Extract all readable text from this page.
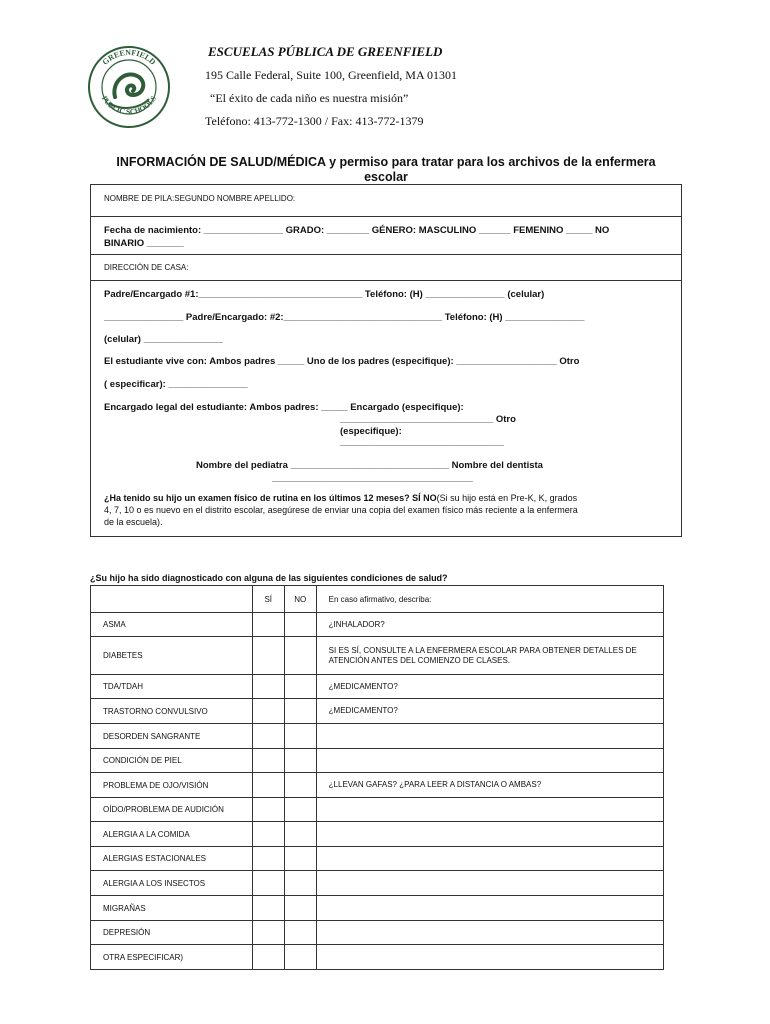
GREENFIELD
PUBLIC SCHOOLS
ESCUELAS PÚBLICA DE GREENFIELD
195 Calle Federal, Suite 100, Greenfield, MA 01301
“El éxito de cada niño es nuestra misión”
Teléfono: 413-772-1300 / Fax: 413-772-1379
INFORMACIÓN DE SALUD/MÉDICA y permiso para tratar para los archivos de la enfermera escolar
NOMBRE DE PILA:SEGUNDO NOMBRE APELLIDO:
Fecha de nacimiento: _______________ GRADO: ________ GÉNERO: MASCULINO ______ FEMENINO _____ NO
BINARIO _______
DIRECCIÓN DE CASA:
Padre/Encargado #1:_______________________________ Teléfono: (H) _______________ (celular)
_______________ Padre/Encargado: #2:______________________________ Teléfono: (H) _______________
(celular) _______________
El estudiante vive con: Ambos padres _____ Uno de los padres (especifique): ___________________ Otro
( especificar): _______________
Encargado legal del estudiante: Ambos padres: _____ Encargado (especifique):
_____________________________ Otro
(especifique):
_______________________________
Nombre del pediatra ______________________________ Nombre del dentista
______________________________________
¿Ha tenido su hijo un examen físico de rutina en los últimos 12 meses? SÍ NO(Si su hijo está en Pre-K, K, grados
4, 7, 10 o es nuevo en el distrito escolar, asegúrese de enviar una copia del examen físico más reciente a la enfermera
de la escuela).
¿Su hijo ha sido diagnosticado con alguna de las siguientes condiciones de salud?
	SÍ	NO	En caso afirmativo, describa:
ASMA			¿INHALADOR?
DIABETES			SI ES SÍ, CONSULTE A LA ENFERMERA ESCOLAR PARA OBTENER DETALLES DE ATENCIÓN ANTES DEL COMIENZO DE CLASES.
TDA/TDAH			¿MEDICAMENTO?
TRASTORNO CONVULSIVO			¿MEDICAMENTO?
DESORDEN SANGRANTE			
CONDICIÓN DE PIEL			
PROBLEMA DE OJO/VISIÓN			¿LLEVAN GAFAS? ¿PARA LEER A DISTANCIA O AMBAS?
OÍDO/PROBLEMA DE AUDICIÓN			
ALERGIA A LA COMIDA			
ALERGIAS ESTACIONALES			
ALERGIA A LOS INSECTOS			
MIGRAÑAS			
DEPRESIÓN			
OTRA ESPECIFICAR)			
